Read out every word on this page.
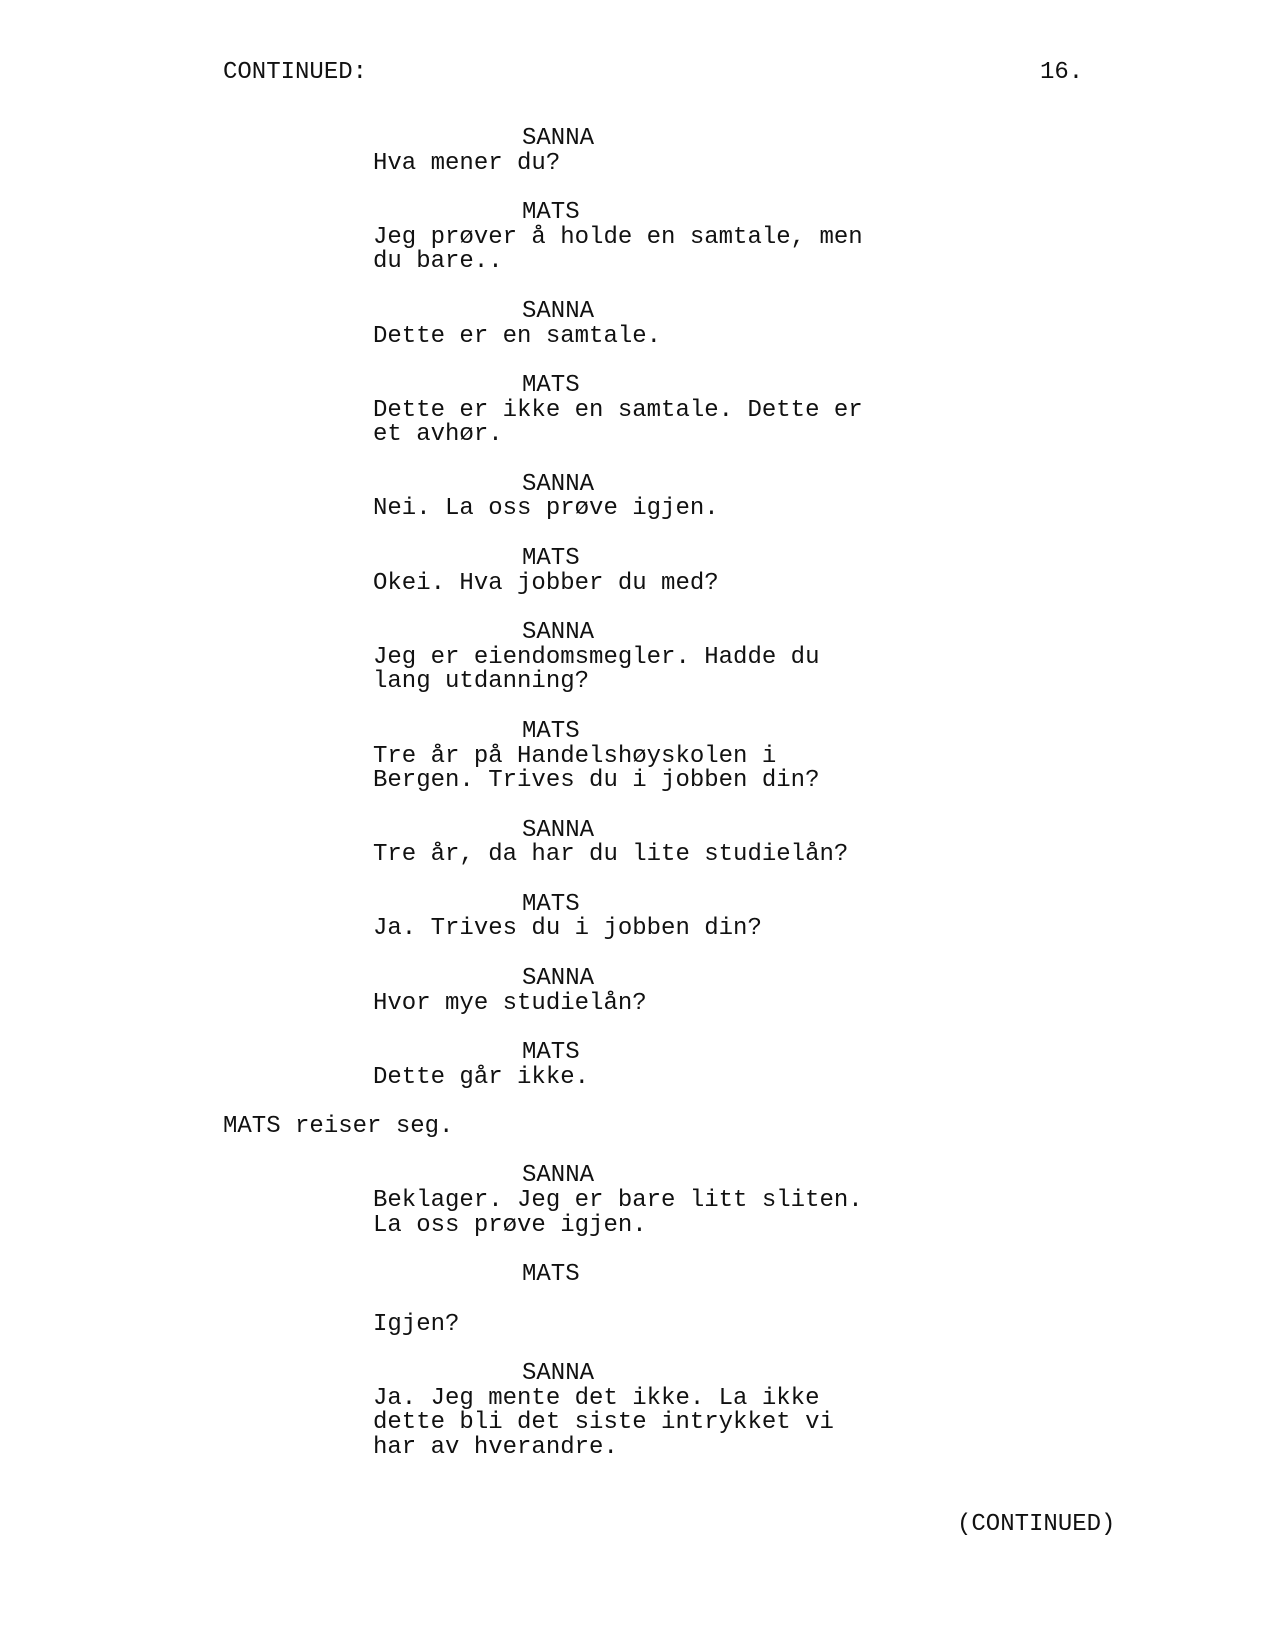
CONTINUED:	16.
SANNA
Hva mener du?
MATS
Jeg prøver å holde en samtale, men
du bare..
SANNA
Dette er en samtale.
MATS
Dette er ikke en samtale. Dette er
et avhør.
SANNA
Nei. La oss prøve igjen.
MATS
Okei. Hva jobber du med?
SANNA
Jeg er eiendomsmegler. Hadde du
lang utdanning?
MATS
Tre år på Handelshøyskolen i
Bergen. Trives du i jobben din?
SANNA
Tre år, da har du lite studielån?
MATS
Ja. Trives du i jobben din?
SANNA
Hvor mye studielån?
MATS
Dette går ikke.
MATS reiser seg.
SANNA
Beklager. Jeg er bare litt sliten.
La oss prøve igjen.
MATS
Igjen?
SANNA
Ja. Jeg mente det ikke. La ikke
dette bli det siste intrykket vi
har av hverandre.
(CONTINUED)
